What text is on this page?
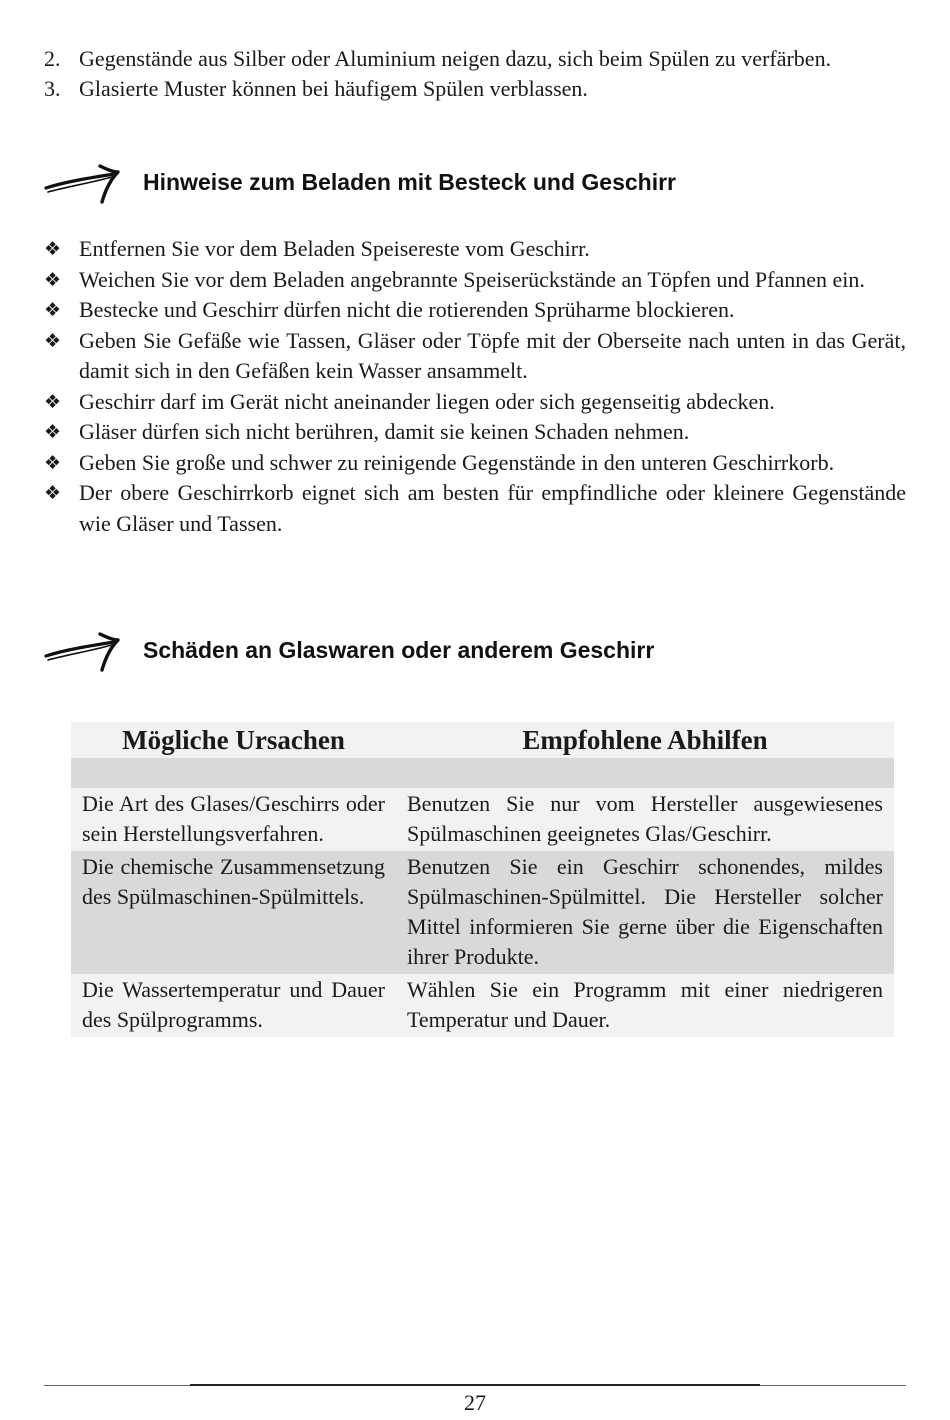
2. Gegenstände aus Silber oder Aluminium neigen dazu, sich beim Spülen zu verfärben.
3. Glasierte Muster können bei häufigem Spülen verblassen.
Hinweise zum Beladen mit Besteck und Geschirr
❖ Entfernen Sie vor dem Beladen Speisereste vom Geschirr.
❖ Weichen Sie vor dem Beladen angebrannte Speiserückstände an Töpfen und Pfannen ein.
❖ Bestecke und Geschirr dürfen nicht die rotierenden Sprüharme blockieren.
❖ Geben Sie Gefäße wie Tassen, Gläser oder Töpfe mit der Oberseite nach unten in das Gerät, damit sich in den Gefäßen kein Wasser ansammelt.
❖ Geschirr darf im Gerät nicht aneinander liegen oder sich gegenseitig abdecken.
❖ Gläser dürfen sich nicht berühren, damit sie keinen Schaden nehmen.
❖ Geben Sie große und schwer zu reinigende Gegenstände in den unteren Geschirrkorb.
❖ Der obere Geschirrkorb eignet sich am besten für empfindliche oder kleinere Gegenstände wie Gläser und Tassen.
Schäden an Glaswaren oder anderem Geschirr
Mögliche Ursachen	Empfohlene Abhilfen

Die Art des Glases/Geschirrs oder sein Herstellungsverfahren.	Benutzen Sie nur vom Hersteller ausgewiesenes Spülmaschinen geeignetes Glas/Geschirr.
Die chemische Zusammensetzung des Spülmaschinen-Spülmittels.	Benutzen Sie ein Geschirr schonendes, mildes Spülmaschinen-Spülmittel. Die Hersteller solcher Mittel informieren Sie gerne über die Eigenschaften ihrer Produkte.
Die Wassertemperatur und Dauer des Spülprogramms.	Wählen Sie ein Programm mit einer niedrigeren Temperatur und Dauer.
27
